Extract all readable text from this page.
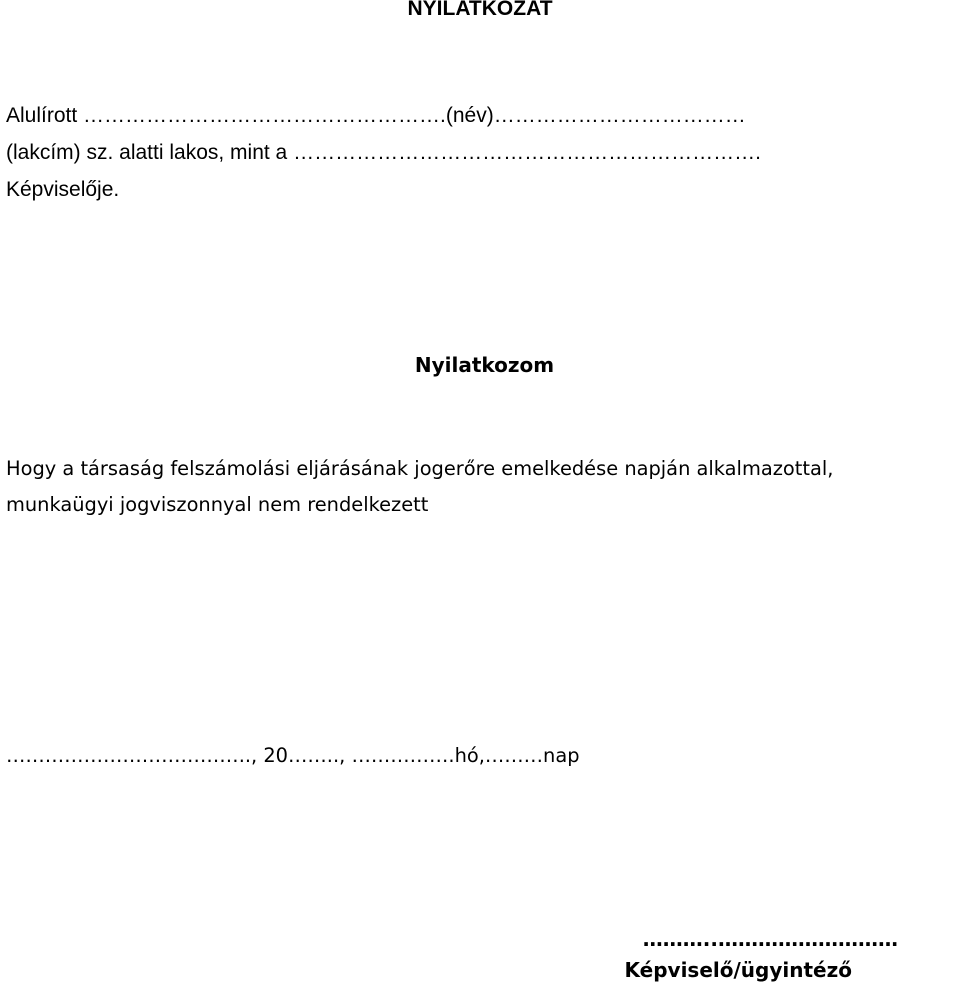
NYILATKOZAT
Alulírott …………………………………………….(név)………………………………
(lakcím) sz. alatti lakos, mint a ………………………………………………………….
Képviselője.
Nyilatkozom
Hogy a társaság felszámolási eljárásának jogerőre emelkedése napján alkalmazottal,
munkaügyi jogviszonnyal nem rendelkezett
……………………………….., 20…….., …………….hó,………nap
………..………………………
Képviselő/ügyintéző
